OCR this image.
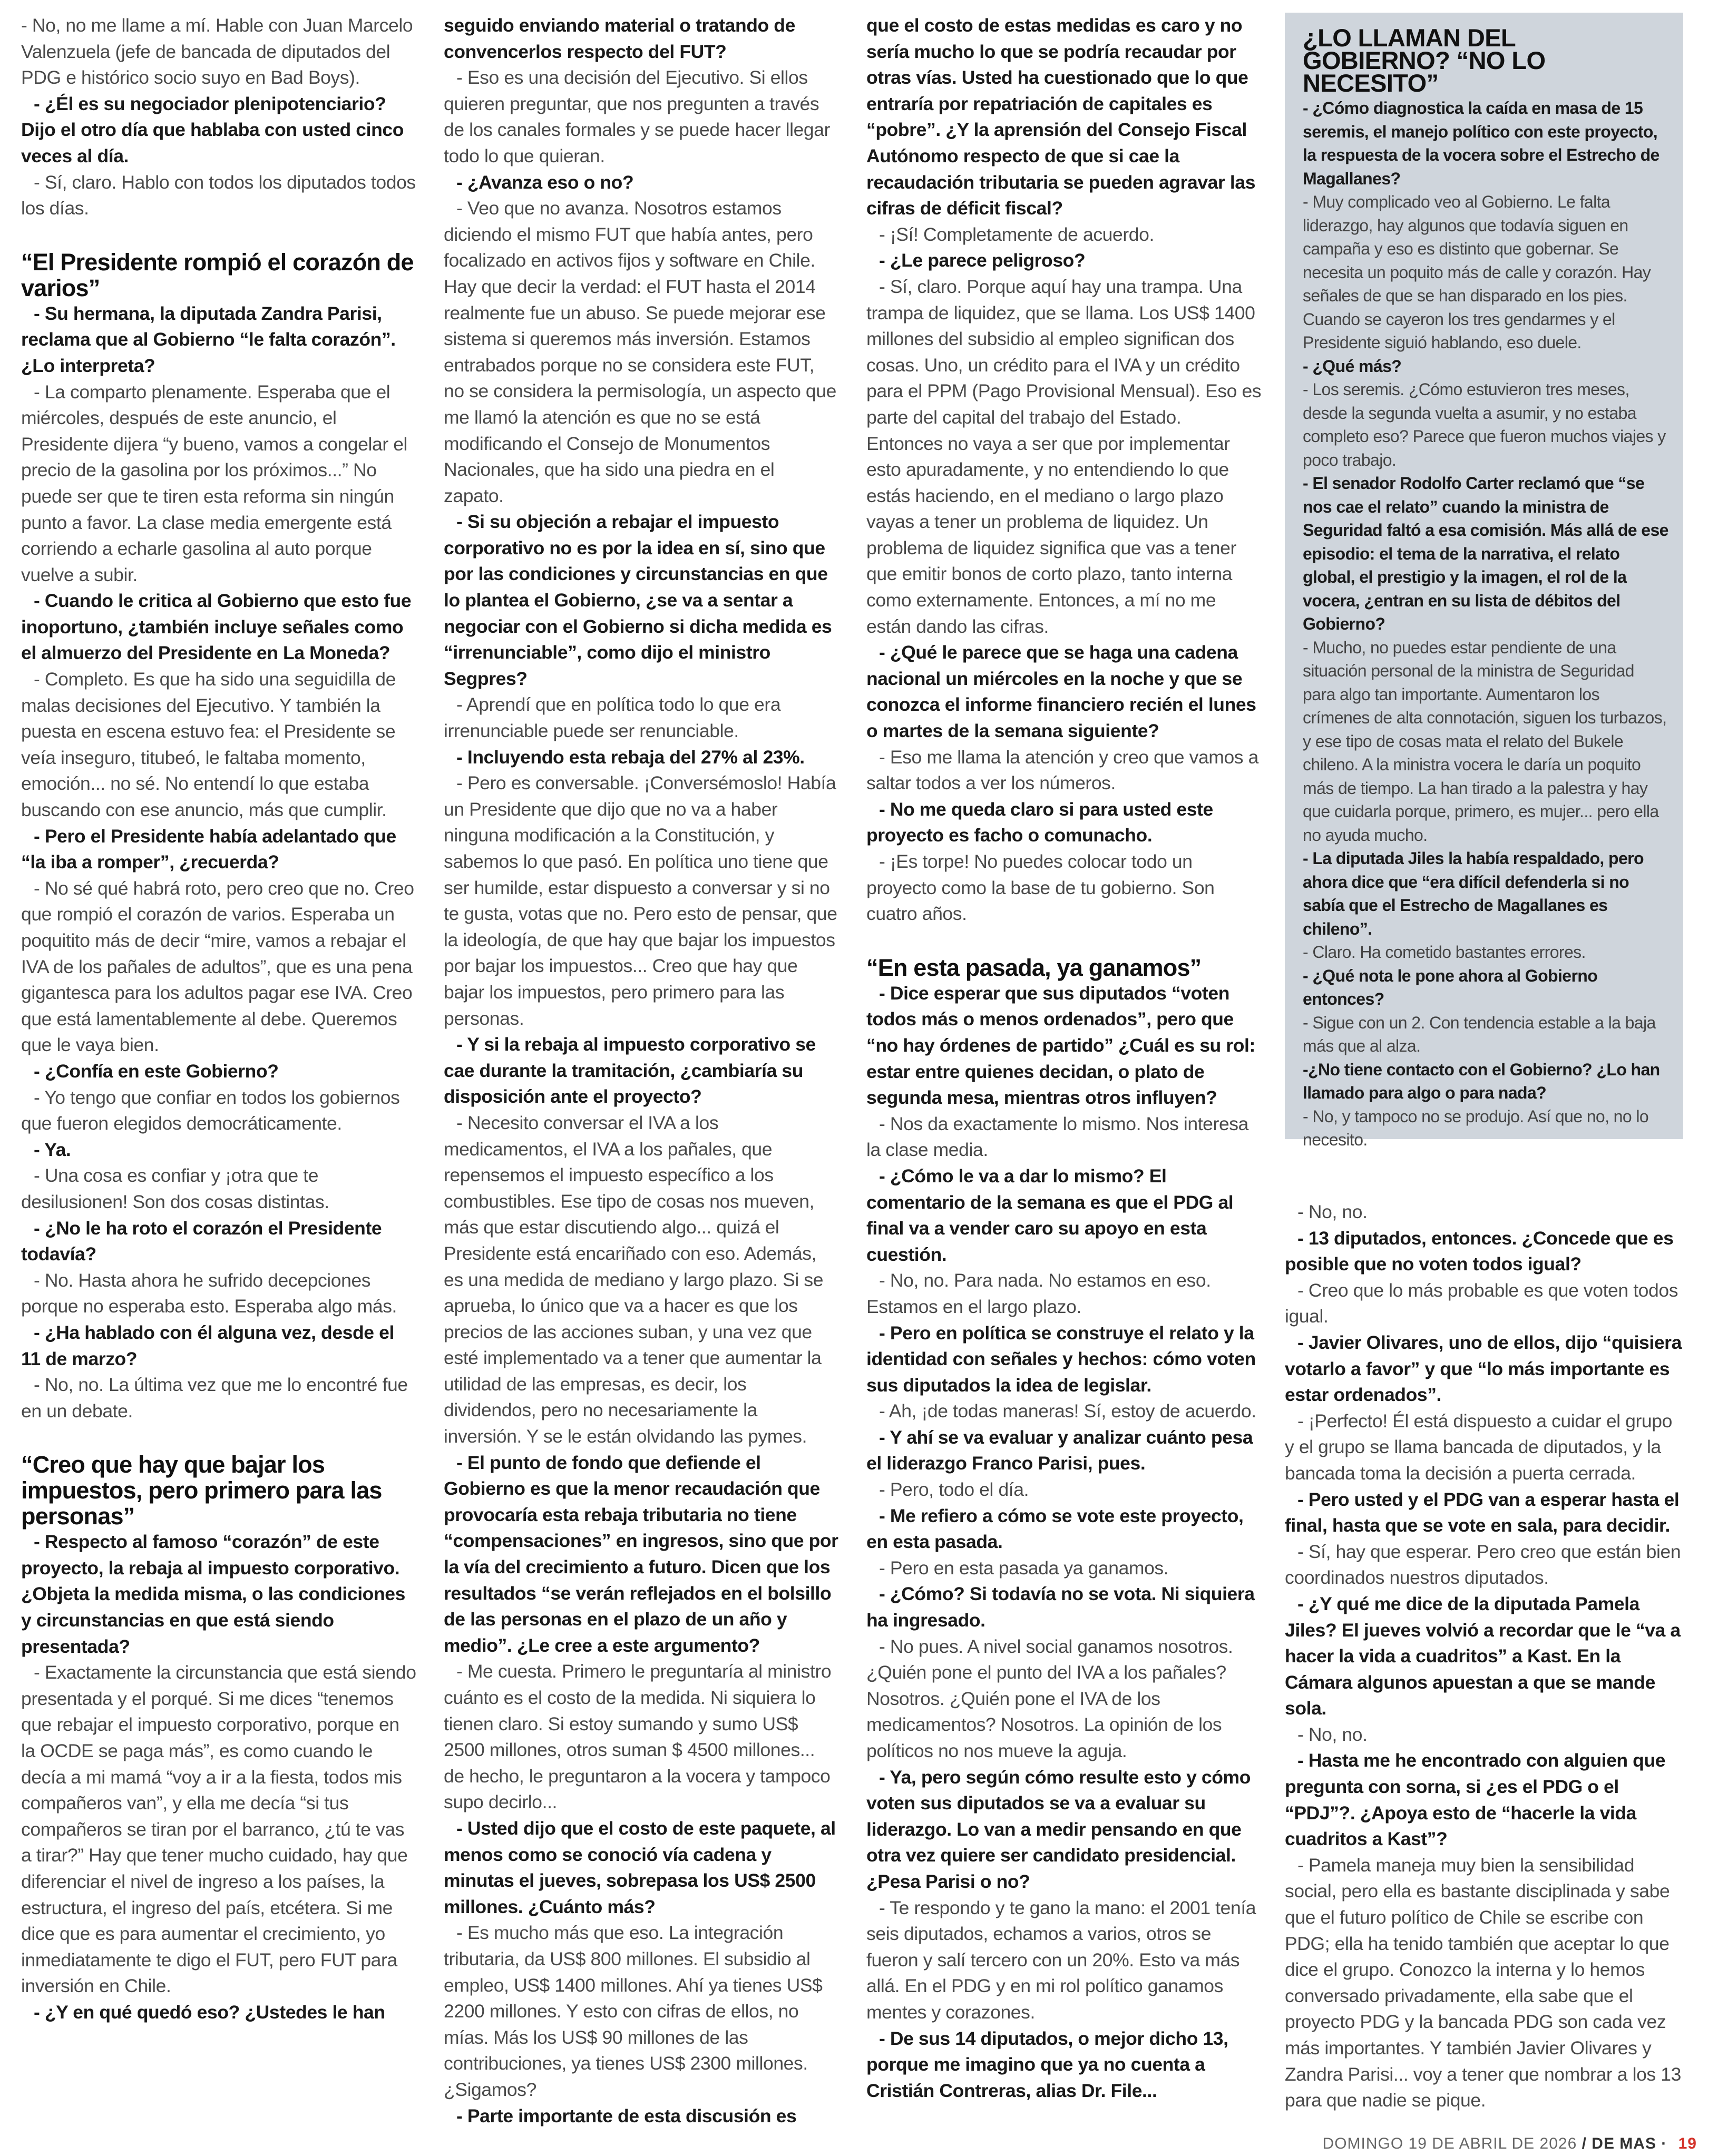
- No, no me llame a mí. Hable con Juan Marcelo Valenzuela (jefe de bancada de diputados del PDG e histórico socio suyo en Bad Boys).

- ¿Él es su negociador plenipotenciario? Dijo el otro día que hablaba con usted cinco veces al día.

- Sí, claro. Hablo con todos los diputados todos los días.

“El Presidente rompió el corazón de varios”

- Su hermana, la diputada Zandra Parisi, reclama que al Gobierno “le falta corazón”. ¿Lo interpreta?

- La comparto plenamente. Esperaba que el miércoles, después de este anuncio, el Presidente dijera “y bueno, vamos a congelar el precio de la gasolina por los próximos...” No puede ser que te tiren esta reforma sin ningún punto a favor. La clase media emergente está corriendo a echarle gasolina al auto porque vuelve a subir.

- Cuando le critica al Gobierno que esto fue inoportuno, ¿también incluye señales como el almuerzo del Presidente en La Moneda?

- Completo. Es que ha sido una seguidilla de malas decisiones del Ejecutivo. Y también la puesta en escena estuvo fea: el Presidente se veía inseguro, titubeó, le faltaba momento, emoción... no sé. No entendí lo que estaba buscando con ese anuncio, más que cumplir.

- Pero el Presidente había adelantado que “la iba a romper”, ¿recuerda?

- No sé qué habrá roto, pero creo que no. Creo que rompió el corazón de varios. Esperaba un poquitito más de decir “mire, vamos a rebajar el IVA de los pañales de adultos”, que es una pena gigantesca para los adultos pagar ese IVA. Creo que está lamentablemente al debe. Queremos que le vaya bien.

- ¿Confía en este Gobierno?

- Yo tengo que confiar en todos los gobiernos que fueron elegidos democráticamente.

- Ya.

- Una cosa es confiar y ¡otra que te desilusionen! Son dos cosas distintas.

- ¿No le ha roto el corazón el Presidente todavía?

- No. Hasta ahora he sufrido decepciones porque no esperaba esto. Esperaba algo más.

- ¿Ha hablado con él alguna vez, desde el 11 de marzo?

- No, no. La última vez que me lo encontré fue en un debate.

“Creo que hay que bajar los impuestos, pero primero para las personas”

- Respecto al famoso “corazón” de este proyecto, la rebaja al impuesto corporativo. ¿Objeta la medida misma, o las condiciones y circunstancias en que está siendo presentada?

- Exactamente la circunstancia que está siendo presentada y el porqué. Si me dices “tenemos que rebajar el impuesto corporativo, porque en la OCDE se paga más”, es como cuando le decía a mi mamá “voy a ir a la fiesta, todos mis compañeros van”, y ella me decía “si tus compañeros se tiran por el barranco, ¿tú te vas a tirar?” Hay que tener mucho cuidado, hay que diferenciar el nivel de ingreso a los países, la estructura, el ingreso del país, etcétera. Si me dice que es para aumentar el crecimiento, yo inmediatamente te digo el FUT, pero FUT para inversión en Chile.

- ¿Y en qué quedó eso? ¿Ustedes le han

seguido enviando material o tratando de convencerlos respecto del FUT?

- Eso es una decisión del Ejecutivo. Si ellos quieren preguntar, que nos pregunten a través de los canales formales y se puede hacer llegar todo lo que quieran.

- ¿Avanza eso o no?

- Veo que no avanza. Nosotros estamos diciendo el mismo FUT que había antes, pero focalizado en activos fijos y software en Chile. Hay que decir la verdad: el FUT hasta el 2014 realmente fue un abuso. Se puede mejorar ese sistema si queremos más inversión. Estamos entrabados porque no se considera este FUT, no se considera la permisología, un aspecto que me llamó la atención es que no se está modificando el Consejo de Monumentos Nacionales, que ha sido una piedra en el zapato.

- Si su objeción a rebajar el impuesto corporativo no es por la idea en sí, sino que por las condiciones y circunstancias en que lo plantea el Gobierno, ¿se va a sentar a negociar con el Gobierno si dicha medida es “irrenunciable”, como dijo el ministro Segpres?

- Aprendí que en política todo lo que era irrenunciable puede ser renunciable.

- Incluyendo esta rebaja del 27% al 23%.

- Pero es conversable. ¡Conversémoslo! Había un Presidente que dijo que no va a haber ninguna modificación a la Constitución, y sabemos lo que pasó. En política uno tiene que ser humilde, estar dispuesto a conversar y si no te gusta, votas que no. Pero esto de pensar, que la ideología, de que hay que bajar los impuestos por bajar los impuestos... Creo que hay que bajar los impuestos, pero primero para las personas.

- Y si la rebaja al impuesto corporativo se cae durante la tramitación, ¿cambiaría su disposición ante el proyecto?

- Necesito conversar el IVA a los medicamentos, el IVA a los pañales, que repensemos el impuesto específico a los combustibles. Ese tipo de cosas nos mueven, más que estar discutiendo algo... quizá el Presidente está encariñado con eso. Además, es una medida de mediano y largo plazo. Si se aprueba, lo único que va a hacer es que los precios de las acciones suban, y una vez que esté implementado va a tener que aumentar la utilidad de las empresas, es decir, los dividendos, pero no necesariamente la inversión. Y se le están olvidando las pymes.

- El punto de fondo que defiende el Gobierno es que la menor recaudación que provocaría esta rebaja tributaria no tiene “compensaciones” en ingresos, sino que por la vía del crecimiento a futuro. Dicen que los resultados “se verán reflejados en el bolsillo de las personas en el plazo de un año y medio”. ¿Le cree a este argumento?

- Me cuesta. Primero le preguntaría al ministro cuánto es el costo de la medida. Ni siquiera lo tienen claro. Si estoy sumando y sumo US$ 2500 millones, otros suman $ 4500 millones... de hecho, le preguntaron a la vocera y tampoco supo decirlo...

- Usted dijo que el costo de este paquete, al menos como se conoció vía cadena y minutas el jueves, sobrepasa los US$ 2500 millones. ¿Cuánto más?

- Es mucho más que eso. La integración tributaria, da US$ 800 millones. El subsidio al empleo, US$ 1400 millones. Ahí ya tienes US$ 2200 millones. Y esto con cifras de ellos, no mías. Más los US$ 90 millones de las contribuciones, ya tienes US$ 2300 millones. ¿Sigamos?

- Parte importante de esta discusión es

que el costo de estas medidas es caro y no sería mucho lo que se podría recaudar por otras vías. Usted ha cuestionado que lo que entraría por repatriación de capitales es “pobre”. ¿Y la aprensión del Consejo Fiscal Autónomo respecto de que si cae la recaudación tributaria se pueden agravar las cifras de déficit fiscal?

- ¡Sí! Completamente de acuerdo.

- ¿Le parece peligroso?

- Sí, claro. Porque aquí hay una trampa. Una trampa de liquidez, que se llama. Los US$ 1400 millones del subsidio al empleo significan dos cosas. Uno, un crédito para el IVA y un crédito para el PPM (Pago Provisional Mensual). Eso es parte del capital del trabajo del Estado. Entonces no vaya a ser que por implementar esto apuradamente, y no entendiendo lo que estás haciendo, en el mediano o largo plazo vayas a tener un problema de liquidez. Un problema de liquidez significa que vas a tener que emitir bonos de corto plazo, tanto interna como externamente. Entonces, a mí no me están dando las cifras.

- ¿Qué le parece que se haga una cadena nacional un miércoles en la noche y que se conozca el informe financiero recién el lunes o martes de la semana siguiente?

- Eso me llama la atención y creo que vamos a saltar todos a ver los números.

- No me queda claro si para usted este proyecto es facho o comunacho.

- ¡Es torpe! No puedes colocar todo un proyecto como la base de tu gobierno. Son cuatro años.

“En esta pasada, ya ganamos”

- Dice esperar que sus diputados “voten todos más o menos ordenados”, pero que “no hay órdenes de partido” ¿Cuál es su rol: estar entre quienes decidan, o plato de segunda mesa, mientras otros influyen?

- Nos da exactamente lo mismo. Nos interesa la clase media.

- ¿Cómo le va a dar lo mismo? El comentario de la semana es que el PDG al final va a vender caro su apoyo en esta cuestión.

- No, no. Para nada. No estamos en eso. Estamos en el largo plazo.

- Pero en política se construye el relato y la identidad con señales y hechos: cómo voten sus diputados la idea de legislar.

- Ah, ¡de todas maneras! Sí, estoy de acuerdo.

- Y ahí se va evaluar y analizar cuánto pesa el liderazgo Franco Parisi, pues.

- Pero, todo el día.

- Me refiero a cómo se vote este proyecto, en esta pasada.

- Pero en esta pasada ya ganamos.

- ¿Cómo? Si todavía no se vota. Ni siquiera ha ingresado.

- No pues. A nivel social ganamos nosotros. ¿Quién pone el punto del IVA a los pañales? Nosotros. ¿Quién pone el IVA de los medicamentos? Nosotros. La opinión de los políticos no nos mueve la aguja.

- Ya, pero según cómo resulte esto y cómo voten sus diputados se va a evaluar su liderazgo. Lo van a medir pensando en que otra vez quiere ser candidato presidencial. ¿Pesa Parisi o no?

- Te respondo y te gano la mano: el 2001 tenía seis diputados, echamos a varios, otros se fueron y salí tercero con un 20%. Esto va más allá. En el PDG y en mi rol político ganamos mentes y corazones.

- De sus 14 diputados, o mejor dicho 13, porque me imagino que ya no cuenta a Cristián Contreras, alias Dr. File...

¿LO LLAMAN DEL GOBIERNO? “NO LO NECESITO”

- ¿Cómo diagnostica la caída en masa de 15 seremis, el manejo político con este proyecto, la respuesta de la vocera sobre el Estrecho de Magallanes?

- Muy complicado veo al Gobierno. Le falta liderazgo, hay algunos que todavía siguen en campaña y eso es distinto que gobernar. Se necesita un poquito más de calle y corazón. Hay señales de que se han disparado en los pies. Cuando se cayeron los tres gendarmes y el Presidente siguió hablando, eso duele.

- ¿Qué más?

- Los seremis. ¿Cómo estuvieron tres meses, desde la segunda vuelta a asumir, y no estaba completo eso? Parece que fueron muchos viajes y poco trabajo.

- El senador Rodolfo Carter reclamó que “se nos cae el relato” cuando la ministra de Seguridad faltó a esa comisión. Más allá de ese episodio: el tema de la narrativa, el relato global, el prestigio y la imagen, el rol de la vocera, ¿entran en su lista de débitos del Gobierno?

- Mucho, no puedes estar pendiente de una situación personal de la ministra de Seguridad para algo tan importante. Aumentaron los crímenes de alta connotación, siguen los turbazos, y ese tipo de cosas mata el relato del Bukele chileno. A la ministra vocera le daría un poquito más de tiempo. La han tirado a la palestra y hay que cuidarla porque, primero, es mujer... pero ella no ayuda mucho.

- La diputada Jiles la había respaldado, pero ahora dice que “era difícil defenderla si no sabía que el Estrecho de Magallanes es chileno”.

- Claro. Ha cometido bastantes errores.

- ¿Qué nota le pone ahora al Gobierno entonces?

- Sigue con un 2. Con tendencia estable a la baja más que al alza.

-¿No tiene contacto con el Gobierno? ¿Lo han llamado para algo o para nada?

- No, y tampoco no se produjo. Así que no, no lo necesito.

- No, no.

- 13 diputados, entonces. ¿Concede que es posible que no voten todos igual?

- Creo que lo más probable es que voten todos igual.

- Javier Olivares, uno de ellos, dijo “quisiera votarlo a favor” y que “lo más importante es estar ordenados”.

- ¡Perfecto! Él está dispuesto a cuidar el grupo y el grupo se llama bancada de diputados, y la bancada toma la decisión a puerta cerrada.

- Pero usted y el PDG van a esperar hasta el final, hasta que se vote en sala, para decidir.

- Sí, hay que esperar. Pero creo que están bien coordinados nuestros diputados.

- ¿Y qué me dice de la diputada Pamela Jiles? El jueves volvió a recordar que le “va a hacer la vida a cuadritos” a Kast. En la Cámara algunos apuestan a que se mande sola.

- No, no.

- Hasta me he encontrado con alguien que pregunta con sorna, si ¿es el PDG o el “PDJ”?. ¿Apoya esto de “hacerle la vida cuadritos a Kast”?

- Pamela maneja muy bien la sensibilidad social, pero ella es bastante disciplinada y sabe que el futuro político de Chile se escribe con PDG; ella ha tenido también que aceptar lo que dice el grupo. Conozco la interna y lo hemos conversado privadamente, ella sabe que el proyecto PDG y la bancada PDG son cada vez más importantes. Y también Javier Olivares y Zandra Parisi... voy a tener que nombrar a los 13 para que nadie se pique.

DOMINGO 19 DE ABRIL DE 2026 / DE MAS · 19
